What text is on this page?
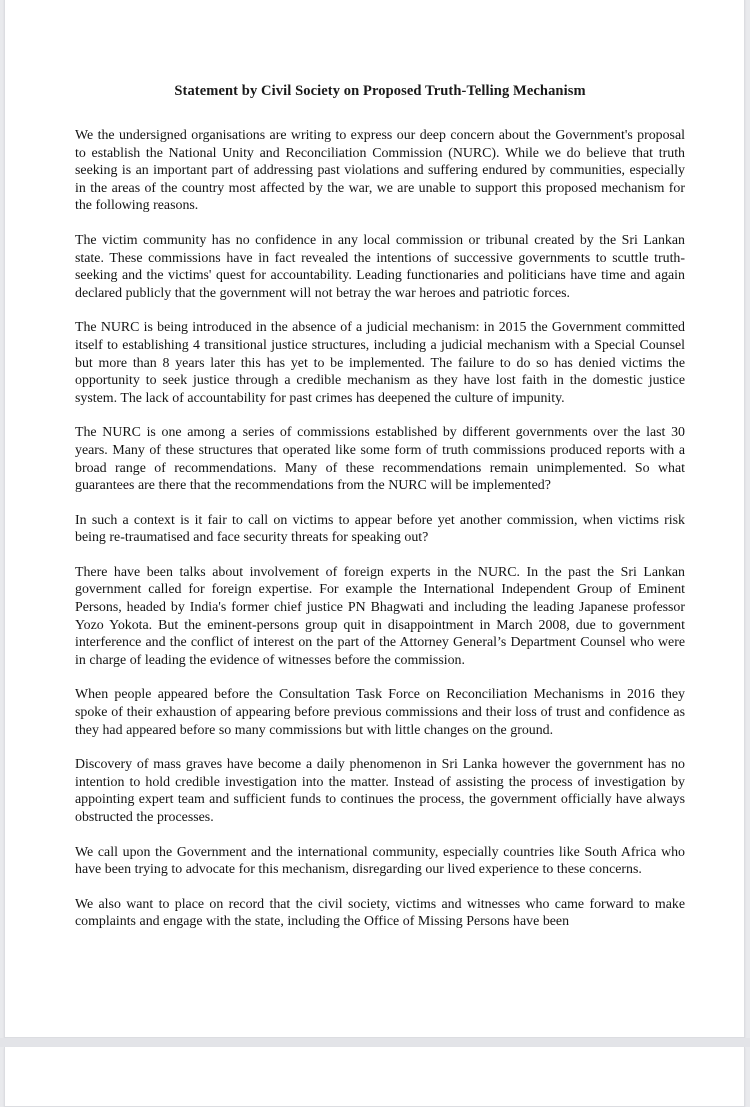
Statement by Civil Society on Proposed Truth-Telling Mechanism

We the undersigned organisations are writing to express our deep concern about the Government's proposal to establish the National Unity and Reconciliation Commission (NURC). While we do believe that truth seeking is an important part of addressing past violations and suffering endured by communities, especially in the areas of the country most affected by the war, we are unable to support this proposed mechanism for the following reasons.

The victim community has no confidence in any local commission or tribunal created by the Sri Lankan state. These commissions have in fact revealed the intentions of successive governments to scuttle truth-seeking and the victims' quest for accountability. Leading functionaries and politicians have time and again declared publicly that the government will not betray the war heroes and patriotic forces.

The NURC is being introduced in the absence of a judicial mechanism: in 2015 the Government committed itself to establishing 4 transitional justice structures, including a judicial mechanism with a Special Counsel but more than 8 years later this has yet to be implemented. The failure to do so has denied victims the opportunity to seek justice through a credible mechanism as they have lost faith in the domestic justice system. The lack of accountability for past crimes has deepened the culture of impunity.

The NURC is one among a series of commissions established by different governments over the last 30 years. Many of these structures that operated like some form of truth commissions produced reports with a broad range of recommendations. Many of these recommendations remain unimplemented. So what guarantees are there that the recommendations from the NURC will be implemented?

In such a context is it fair to call on victims to appear before yet another commission, when victims risk being re-traumatised and face security threats for speaking out?

There have been talks about involvement of foreign experts in the NURC. In the past the Sri Lankan government called for foreign expertise. For example the International Independent Group of Eminent Persons, headed by India's former chief justice PN Bhagwati and including the leading Japanese professor Yozo Yokota. But the eminent-persons group quit in disappointment in March 2008, due to government interference and the conflict of interest on the part of the Attorney General’s Department Counsel who were in charge of leading the evidence of witnesses before the commission.

When people appeared before the Consultation Task Force on Reconciliation Mechanisms in 2016 they spoke of their exhaustion of appearing before previous commissions and their loss of trust and confidence as they had appeared before so many commissions but with little changes on the ground.

Discovery of mass graves have become a daily phenomenon in Sri Lanka however the government has no intention to hold credible investigation into the matter. Instead of assisting the process of investigation by appointing expert team and sufficient funds to continues the process, the government officially have always obstructed the processes.

We call upon the Government and the international community, especially countries like South Africa who have been trying to advocate for this mechanism, disregarding our lived experience to these concerns.

We also want to place on record that the civil society, victims and witnesses who came forward to make complaints and engage with the state, including the Office of Missing Persons have been
